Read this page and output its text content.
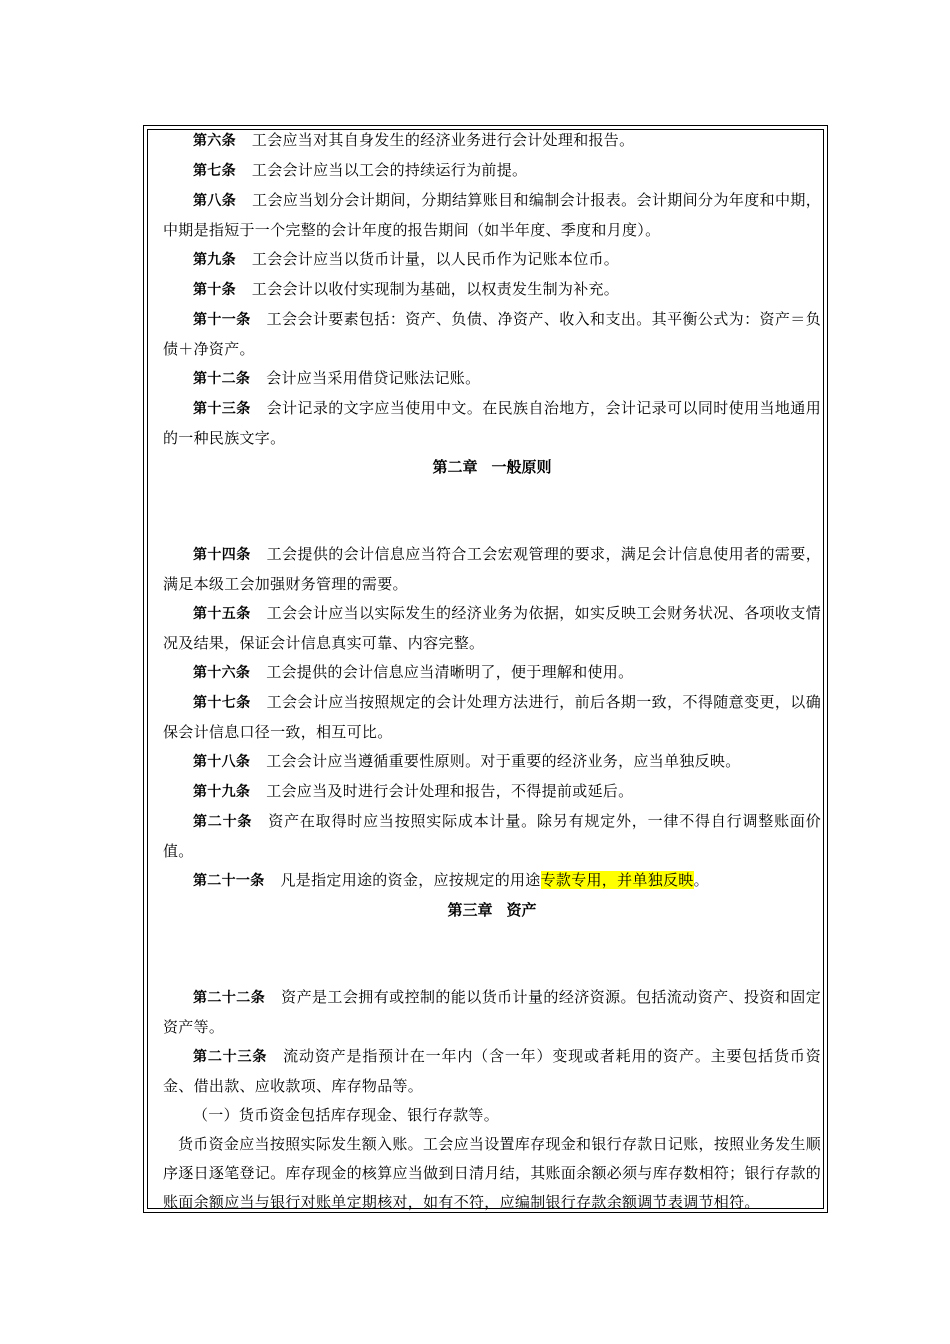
第六条 工会应当对其自身发生的经济业务进行会计处理和报告。

第七条 工会会计应当以工会的持续运行为前提。

第八条 工会应当划分会计期间，分期结算账目和编制会计报表。会计期间分为年度和中期，中期是指短于一个完整的会计年度的报告期间（如半年度、季度和月度）。

第九条 工会会计应当以货币计量，以人民币作为记账本位币。

第十条 工会会计以收付实现制为基础，以权责发生制为补充。

第十一条 工会会计要素包括：资产、负债、净资产、收入和支出。其平衡公式为：资产＝负债＋净资产。

第十二条 会计应当采用借贷记账法记账。

第十三条 会计记录的文字应当使用中文。在民族自治地方，会计记录可以同时使用当地通用的一种民族文字。

第二章 一般原则

第十四条 工会提供的会计信息应当符合工会宏观管理的要求，满足会计信息使用者的需要，满足本级工会加强财务管理的需要。

第十五条 工会会计应当以实际发生的经济业务为依据，如实反映工会财务状况、各项收支情况及结果，保证会计信息真实可靠、内容完整。

第十六条 工会提供的会计信息应当清晰明了，便于理解和使用。

第十七条 工会会计应当按照规定的会计处理方法进行，前后各期一致，不得随意变更，以确保会计信息口径一致，相互可比。

第十八条 工会会计应当遵循重要性原则。对于重要的经济业务，应当单独反映。

第十九条 工会应当及时进行会计处理和报告，不得提前或延后。

第二十条 资产在取得时应当按照实际成本计量。除另有规定外，一律不得自行调整账面价值。

第二十一条 凡是指定用途的资金，应按规定的用途专款专用，并单独反映。

第三章 资产

第二十二条 资产是工会拥有或控制的能以货币计量的经济资源。包括流动资产、投资和固定资产等。

第二十三条 流动资产是指预计在一年内（含一年）变现或者耗用的资产。主要包括货币资金、借出款、应收款项、库存物品等。

（一）货币资金包括库存现金、银行存款等。

货币资金应当按照实际发生额入账。工会应当设置库存现金和银行存款日记账，按照业务发生顺序逐日逐笔登记。库存现金的核算应当做到日清月结，其账面余额必须与库存数相符；银行存款的账面余额应当与银行对账单定期核对，如有不符，应编制银行存款余额调节表调节相符。
